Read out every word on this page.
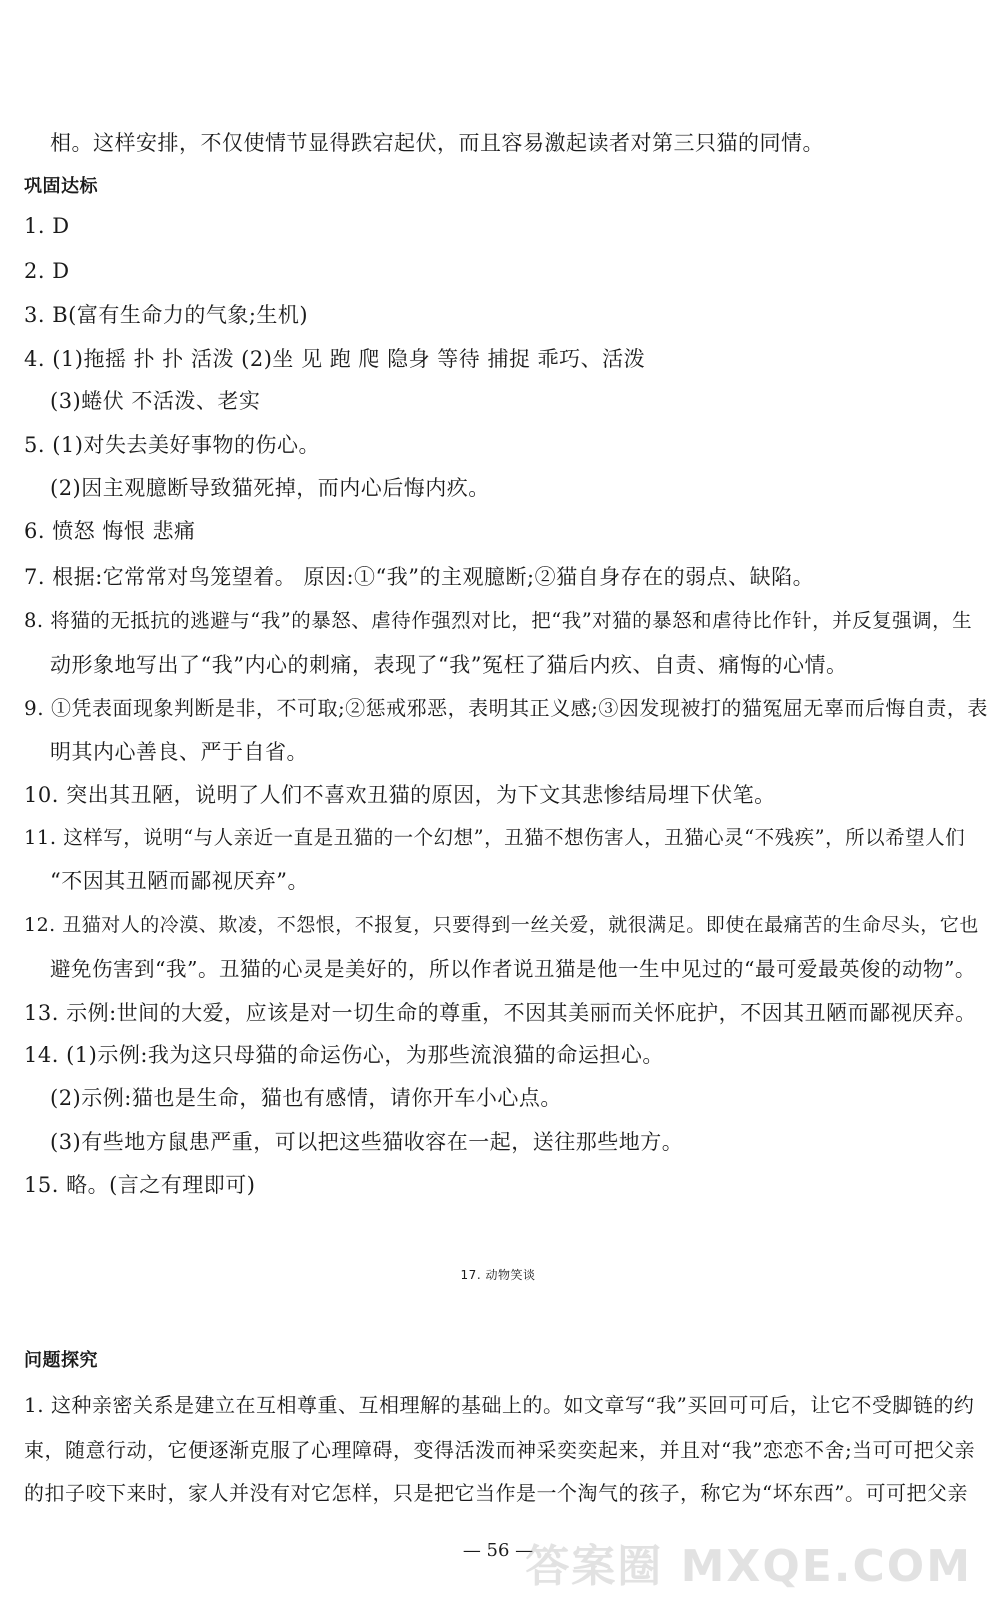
相。这样安排，不仅使情节显得跌宕起伏，而且容易激起读者对第三只猫的同情。
巩固达标
1. D
2. D
3. B(富有生命力的气象;生机)
4. (1)拖摇 扑 扑 活泼 (2)坐 见 跑 爬 隐身 等待 捕捉 乖巧、活泼
(3)蜷伏 不活泼、老实
5. (1)对失去美好事物的伤心。
(2)因主观臆断导致猫死掉，而内心后悔内疚。
6. 愤怒 悔恨 悲痛
7. 根据:它常常对鸟笼望着。 原因:①“我”的主观臆断;②猫自身存在的弱点、缺陷。
8. 将猫的无抵抗的逃避与“我”的暴怒、虐待作强烈对比，把“我”对猫的暴怒和虐待比作针，并反复强调，生
动形象地写出了“我”内心的刺痛，表现了“我”冤枉了猫后内疚、自责、痛悔的心情。
9. ①凭表面现象判断是非，不可取;②惩戒邪恶，表明其正义感;③因发现被打的猫冤屈无辜而后悔自责，表
明其内心善良、严于自省。
10. 突出其丑陋，说明了人们不喜欢丑猫的原因，为下文其悲惨结局埋下伏笔。
11. 这样写，说明“与人亲近一直是丑猫的一个幻想”，丑猫不想伤害人，丑猫心灵“不残疾”，所以希望人们
“不因其丑陋而鄙视厌弃”。
12. 丑猫对人的冷漠、欺凌，不怨恨，不报复，只要得到一丝关爱，就很满足。即使在最痛苦的生命尽头，它也
避免伤害到“我”。丑猫的心灵是美好的，所以作者说丑猫是他一生中见过的“最可爱最英俊的动物”。
13. 示例:世间的大爱，应该是对一切生命的尊重，不因其美丽而关怀庇护，不因其丑陋而鄙视厌弃。
14. (1)示例:我为这只母猫的命运伤心，为那些流浪猫的命运担心。
(2)示例:猫也是生命，猫也有感情，请你开车小心点。
(3)有些地方鼠患严重，可以把这些猫收容在一起，送往那些地方。
15. 略。(言之有理即可)
17. 动物笑谈
问题探究
1. 这种亲密关系是建立在互相尊重、互相理解的基础上的。如文章写“我”买回可可后，让它不受脚链的约
束，随意行动，它便逐渐克服了心理障碍，变得活泼而神采奕奕起来，并且对“我”恋恋不舍;当可可把父亲
的扣子咬下来时，家人并没有对它怎样，只是把它当作是一个淘气的孩子，称它为“坏东西”。可可把父亲
— 56 —
答案圈 MXQE.COM
